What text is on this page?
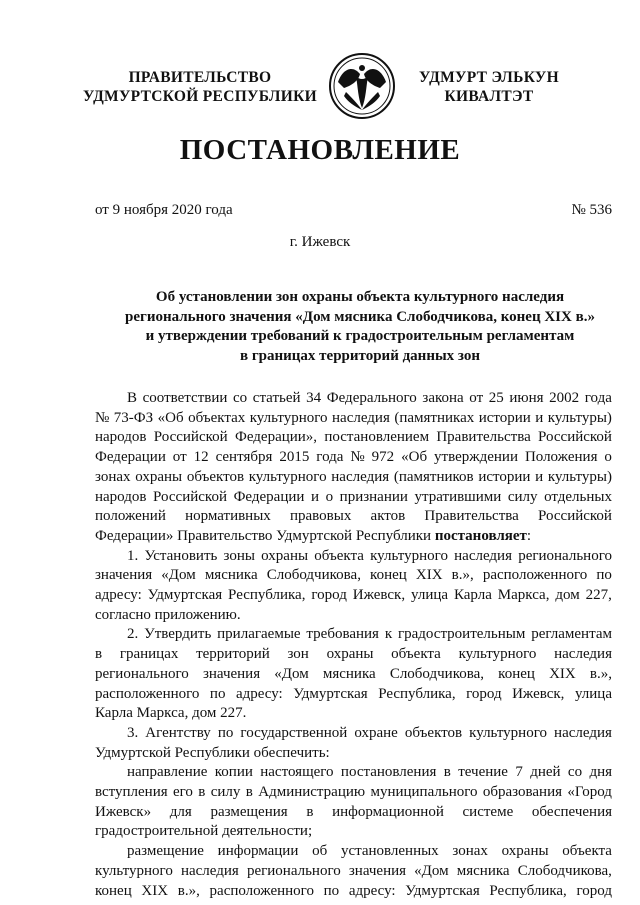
ПРАВИТЕЛЬСТВО
УДМУРТСКОЙ РЕСПУБЛИКИ
УДМУРТ ЭЛЬКУН
КИВАЛТЭТ
ПОСТАНОВЛЕНИЕ
от 9 ноября 2020 года	№ 536
г. Ижевск
Об установлении зон охраны объекта культурного наследия
регионального значения «Дом мясника Слободчикова, конец XIX в.»
и утверждении требований к градостроительным регламентам
в границах территорий данных зон
В соответствии со статьей 34 Федерального закона от 25 июня 2002 года
№ 73-ФЗ «Об объектах культурного наследия (памятниках истории и культуры)
народов Российской Федерации», постановлением Правительства Российской
Федерации от 12 сентября 2015 года № 972 «Об утверждении Положения о
зонах охраны объектов культурного наследия (памятников истории и культуры)
народов Российской Федерации и о признании утратившими силу отдельных
положений нормативных правовых актов Правительства Российской
Федерации» Правительство Удмуртской Республики
постановляет :
1. Установить зоны охраны объекта культурного наследия регионального
значения «Дом мясника Слободчикова, конец XIX в.», расположенного по
адресу: Удмуртская Республика, город Ижевск, улица Карла Маркса, дом 227,
согласно приложению.
2. Утвердить прилагаемые требования к градостроительным регламентам
в границах территорий зон охраны объекта культурного наследия
регионального значения «Дом мясника Слободчикова, конец XIX в.»,
расположенного по адресу: Удмуртская Республика, город Ижевск, улица
Карла Маркса, дом 227.
3. Агентству по государственной охране объектов культурного наследия
Удмуртской Республики обеспечить:
направление копии настоящего постановления в течение 7 дней со дня
вступления его в силу в Администрацию муниципального образования «Город
Ижевск» для размещения в информационной системе обеспечения
градостроительной деятельности;
размещение информации об установленных зонах охраны объекта
культурного наследия регионального значения «Дом мясника Слободчикова,
конец XIX в.», расположенного по адресу: Удмуртская Республика, город
